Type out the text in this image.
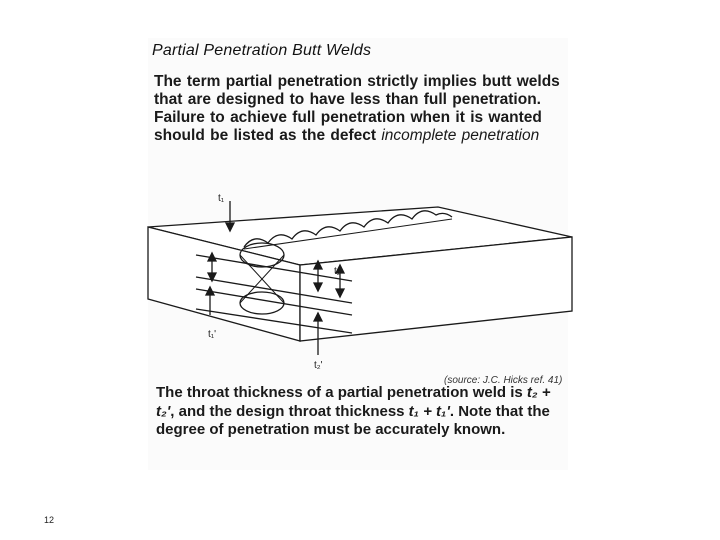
Partial Penetration Butt Welds

The term partial penetration strictly implies butt welds that are designed to have less than full penetration. Failure to achieve full penetration when it is wanted should be listed as the defect incomplete penetration

t₁
t₂
t₁'
t₂'
(source: J.C. Hicks ref. 41)

The throat thickness of a partial penetration weld is t₂ + t₂', and the design throat thickness t₁ + t₁'. Note that the degree of penetration must be accurately known.

12
